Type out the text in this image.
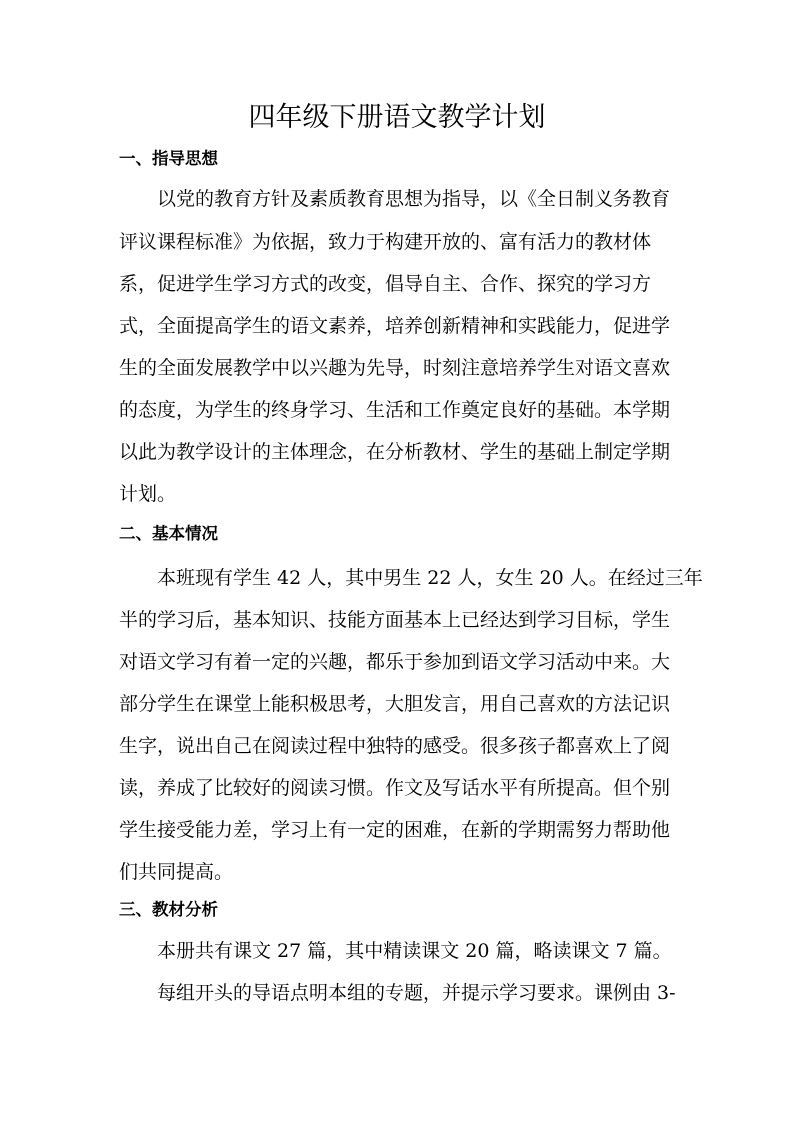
四年级下册语文教学计划
一、指导思想
以党的教育方针及素质教育思想为指导，以《全日制义务教育
评议课程标准》为依据，致力于构建开放的、富有活力的教材体
系，促进学生学习方式的改变，倡导自主、合作、探究的学习方
式，全面提高学生的语文素养，培养创新精神和实践能力，促进学
生的全面发展教学中以兴趣为先导，时刻注意培养学生对语文喜欢
的态度，为学生的终身学习、生活和工作奠定良好的基础。本学期
以此为教学设计的主体理念，在分析教材、学生的基础上制定学期
计划。
二、基本情况
本班现有学生 42 人，其中男生 22 人，女生 20 人。在经过三年
半的学习后，基本知识、技能方面基本上已经达到学习目标，学生
对语文学习有着一定的兴趣，都乐于参加到语文学习活动中来。大
部分学生在课堂上能积极思考，大胆发言，用自己喜欢的方法记识
生字，说出自己在阅读过程中独特的感受。很多孩子都喜欢上了阅
读，养成了比较好的阅读习惯。作文及写话水平有所提高。但个别
学生接受能力差，学习上有一定的困难，在新的学期需努力帮助他
们共同提高。
三、教材分析
本册共有课文 27 篇，其中精读课文 20 篇，略读课文 7 篇。
每组开头的导语点明本组的专题，并提示学习要求。课例由 3-
